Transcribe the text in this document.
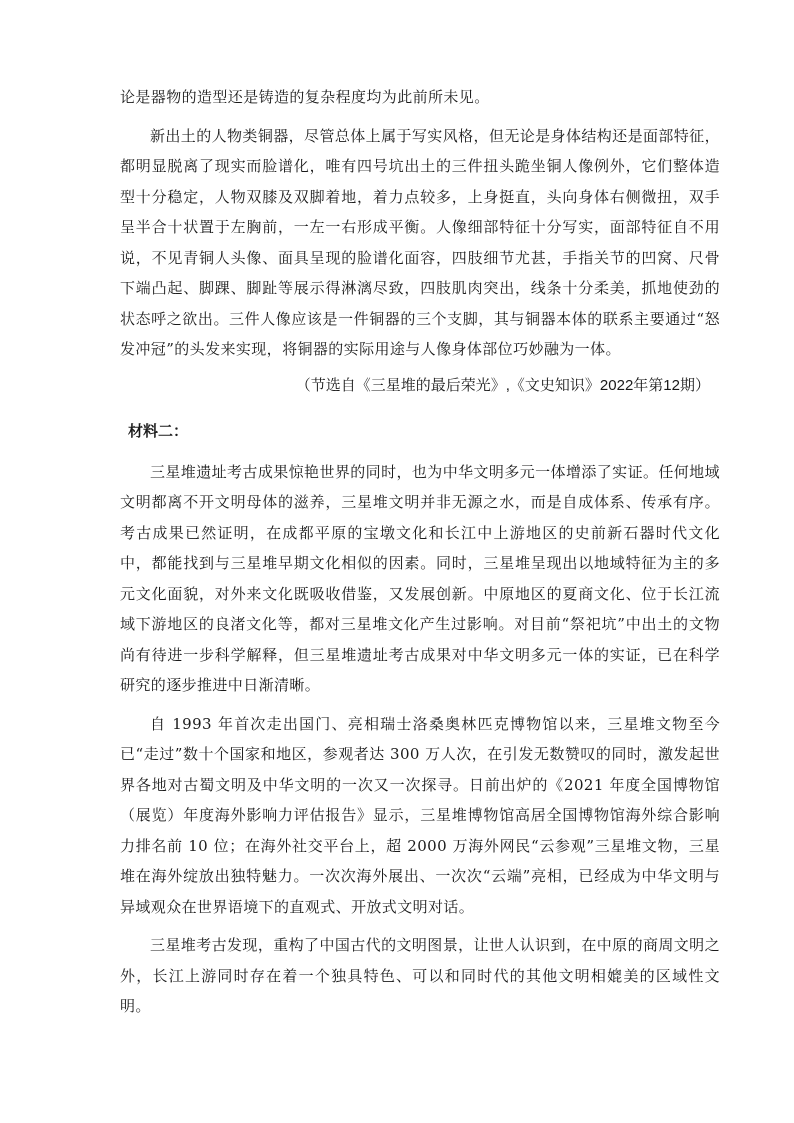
论是器物的造型还是铸造的复杂程度均为此前所未见。

新出土的人物类铜器，尽管总体上属于写实风格，但无论是身体结构还是面部特征，都明显脱离了现实而脸谱化，唯有四号坑出土的三件扭头跪坐铜人像例外，它们整体造型十分稳定，人物双膝及双脚着地，着力点较多，上身挺直，头向身体右侧微扭，双手呈半合十状置于左胸前，一左一右形成平衡。人像细部特征十分写实，面部特征自不用说，不见青铜人头像、面具呈现的脸谱化面容，四肢细节尤甚，手指关节的凹窝、尺骨下端凸起、脚踝、脚趾等展示得淋漓尽致，四肢肌肉突出，线条十分柔美，抓地使劲的状态呼之欲出。三件人像应该是一件铜器的三个支脚，其与铜器本体的联系主要通过“怒发冲冠”的头发来实现，将铜器的实际用途与人像身体部位巧妙融为一体。

（节选自《三星堆的最后荣光》,《文史知识》2022年第12期）

材料二：

三星堆遗址考古成果惊艳世界的同时，也为中华文明多元一体增添了实证。任何地域文明都离不开文明母体的滋养，三星堆文明并非无源之水，而是自成体系、传承有序。考古成果已然证明，在成都平原的宝墩文化和长江中上游地区的史前新石器时代文化中，都能找到与三星堆早期文化相似的因素。同时，三星堆呈现出以地域特征为主的多元文化面貌，对外来文化既吸收借鉴，又发展创新。中原地区的夏商文化、位于长江流域下游地区的良渚文化等，都对三星堆文化产生过影响。对目前“祭祀坑”中出土的文物尚有待进一步科学解释，但三星堆遗址考古成果对中华文明多元一体的实证，已在科学研究的逐步推进中日渐清晰。

自 1993 年首次走出国门、亮相瑞士洛桑奥林匹克博物馆以来，三星堆文物至今已“走过”数十个国家和地区，参观者达 300 万人次，在引发无数赞叹的同时，激发起世界各地对古蜀文明及中华文明的一次又一次探寻。日前出炉的《2021 年度全国博物馆（展览）年度海外影响力评估报告》显示，三星堆博物馆高居全国博物馆海外综合影响力排名前 10 位；在海外社交平台上，超 2000 万海外网民“云参观”三星堆文物，三星堆在海外绽放出独特魅力。一次次海外展出、一次次“云端”亮相，已经成为中华文明与异域观众在世界语境下的直观式、开放式文明对话。

三星堆考古发现，重构了中国古代的文明图景，让世人认识到，在中原的商周文明之外，长江上游同时存在着一个独具特色、可以和同时代的其他文明相媲美的区域性文明。
